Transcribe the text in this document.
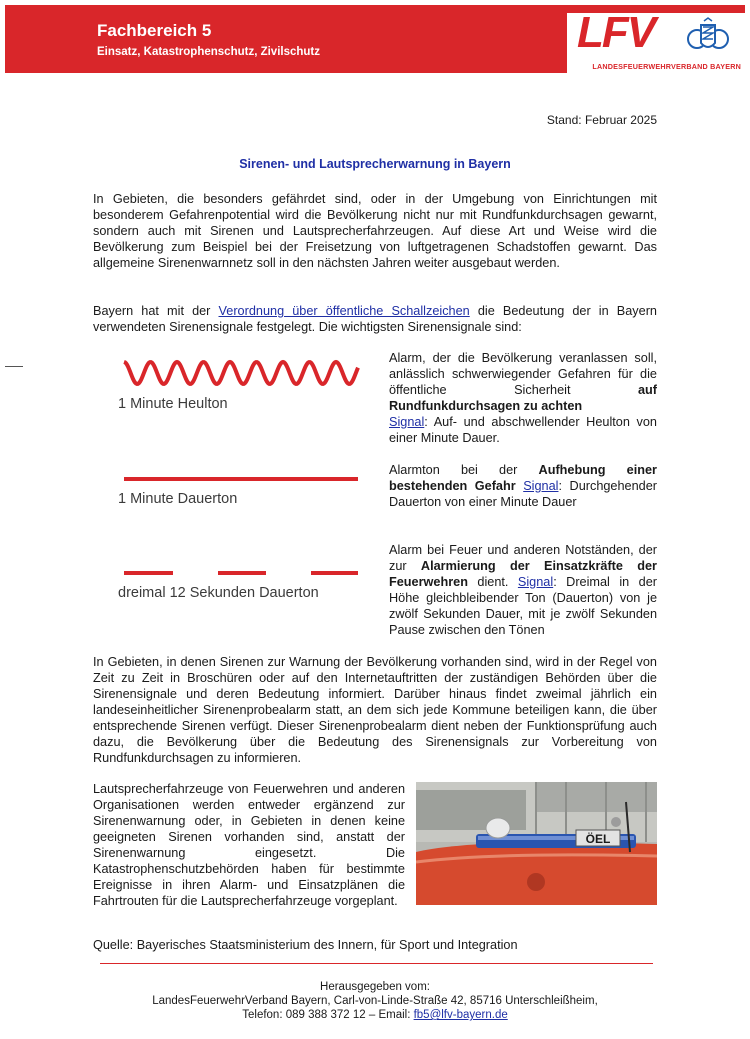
Fachbereich 5
Einsatz, Katastrophenschutz, Zivilschutz	LFV
LANDESFEUERWEHRVERBAND BAYERN
Stand: Februar 2025
Sirenen- und Lautsprecherwarnung in Bayern
In Gebieten, die besonders gefährdet sind, oder in der Umgebung von Einrichtungen mit besonderem Gefahrenpotential wird die Bevölkerung nicht nur mit Rundfunkdurchsagen gewarnt, sondern auch mit Sirenen und Lautsprecherfahrzeugen. Auf diese Art und Weise wird die Bevölkerung zum Beispiel bei der Freisetzung von luftgetragenen Schadstoffen gewarnt. Das allgemeine Sirenenwarnnetz soll in den nächsten Jahren weiter ausgebaut werden.
Bayern hat mit der Verordnung über öffentliche Schallzeichen die Bedeutung der in Bayern verwendeten Sirenensignale festgelegt. Die wichtigsten Sirenensignale sind:
1 Minute Heulton
1 Minute Dauerton
dreimal 12 Sekunden Dauerton
Alarm, der die Bevölkerung veranlassen soll, anlässlich schwerwiegender Gefahren für die öffentliche Sicherheit auf Rundfunkdurchsagen zu achten
Signal: Auf- und abschwellender Heulton von einer Minute Dauer.
Alarmton bei der Aufhebung einer bestehenden Gefahr Signal: Durchgehender Dauerton von einer Minute Dauer
Alarm bei Feuer und anderen Notständen, der zur Alarmierung der Einsatzkräfte der Feuerwehren dient. Signal: Dreimal in der Höhe gleichbleibender Ton (Dauerton) von je zwölf Sekunden Dauer, mit je zwölf Sekunden Pause zwischen den Tönen
In Gebieten, in denen Sirenen zur Warnung der Bevölkerung vorhanden sind, wird in der Regel von Zeit zu Zeit in Broschüren oder auf den Internetauftritten der zuständigen Behörden über die Sirenensignale und deren Bedeutung informiert. Darüber hinaus findet zweimal jährlich ein landeseinheitlicher Sirenenprobealarm statt, an dem sich jede Kommune beteiligen kann, die über entsprechende Sirenen verfügt. Dieser Sirenenprobealarm dient neben der Funktionsprüfung auch dazu, die Bevölkerung über die Bedeutung des Sirenensignals zur Vorbereitung von Rundfunkdurchsagen zu informieren.
Lautsprecherfahrzeuge von Feuerwehren und anderen Organisationen werden entweder ergänzend zur Sirenenwarnung oder, in Gebieten in denen keine geeigneten Sirenen vorhanden sind, anstatt der Sirenenwarnung eingesetzt. Die Katastrophenschutzbehörden haben für bestimmte Ereignisse in ihren Alarm- und Einsatzplänen die Fahrtrouten für die Lautsprecherfahrzeuge vorgeplant.
ÖEL
Quelle: Bayerisches Staatsministerium des Innern, für Sport und Integration
Herausgegeben vom:
LandesFeuerwehrVerband Bayern, Carl-von-Linde-Straße 42, 85716 Unterschleißheim,
Telefon: 089 388 372 12 – Email: fb5@lfv-bayern.de
